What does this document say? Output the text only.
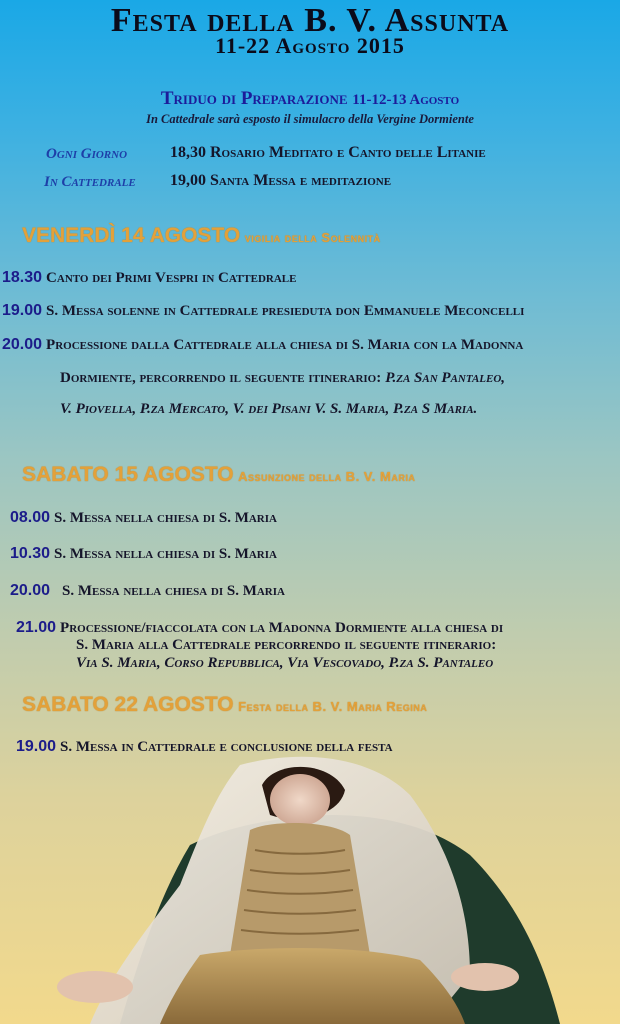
Festa della B. V. Assunta
11-22 Agosto 2015
Triduo di Preparazione 11-12-13 Agosto
In Cattedrale sarà esposto il simulacro della Vergine Dormiente
Ogni Giorno	18,30 Rosario Meditato e Canto delle Litanie
In Cattedrale 19,00 Santa Messa e meditazione
VENERDÌ 14 AGOSTO vigilia della Solennità
18.30 Canto dei Primi Vespri in Cattedrale
19.00 S. Messa solenne in Cattedrale presieduta don Emmanuele Meconcelli
20.00 Processione dalla Cattedrale alla chiesa di S. Maria con la Madonna
Dormiente, percorrendo il seguente itinerario: P.za San Pantaleo,
V. Piovella, P.za Mercato, V. dei Pisani V. S. Maria, P.za S Maria.
SABATO 15 AGOSTO Assunzione della B. V. Maria
08.00 S. Messa nella chiesa di S. Maria
10.30 S. Messa nella chiesa di S. Maria
20.00 S. Messa nella chiesa di S. Maria
21.00 Processione/fiaccolata con la Madonna Dormiente alla chiesa di
S. Maria alla Cattedrale percorrendo il seguente itinerario:
Via S. Maria, Corso Repubblica, Via Vescovado, P.za S. Pantaleo
SABATO 22 AGOSTO Festa della B. V. Maria Regina
19.00 S. Messa in Cattedrale e conclusione della festa
